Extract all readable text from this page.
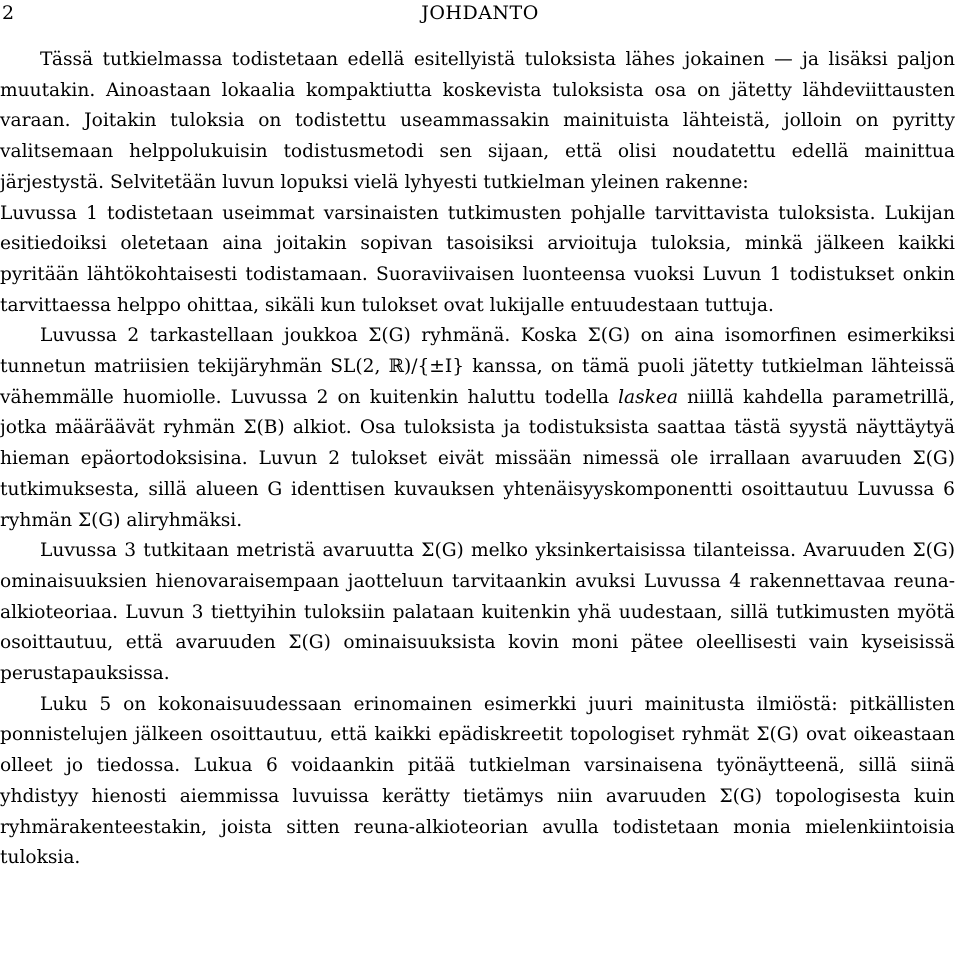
2	JOHDANTO

Tässä tutkielmassa todistetaan edellä esitellyistä tuloksista lähes jokainen — ja lisäksi paljon muutakin. Ainoastaan lokaalia kompaktiutta koskevista tuloksista osa on jätetty lähdeviittausten varaan. Joitakin tuloksia on todistettu useammassakin mainituista lähteistä, jolloin on pyritty valitsemaan helppolukuisin todistusmetodi sen sijaan, että olisi noudatettu edellä mainittua järjestystä. Selvitetään luvun lopuksi vielä lyhyesti tutkielman yleinen rakenne:

Luvussa 1 todistetaan useimmat varsinaisten tutkimusten pohjalle tarvittavista tuloksista. Lukijan esitiedoiksi oletetaan aina joitakin sopivan tasoisiksi arvioituja tuloksia, minkä jälkeen kaikki pyritään lähtökohtaisesti todistamaan. Suoraviivaisen luonteensa vuoksi Luvun 1 todistukset onkin tarvittaessa helppo ohittaa, sikäli kun tulokset ovat lukijalle entuudestaan tuttuja.

Luvussa 2 tarkastellaan joukkoa Σ(G) ryhmänä. Koska Σ(G) on aina isomorfinen esimerkiksi tunnetun matriisien tekijäryhmän SL(2, ℝ)/{±I} kanssa, on tämä puoli jätetty tutkielman lähteissä vähemmälle huomiolle. Luvussa 2 on kuitenkin haluttu todella laskea niillä kahdella parametrillä, jotka määräävät ryhmän Σ(B) alkiot. Osa tuloksista ja todistuksista saattaa tästä syystä näyttäytyä hieman epäortodoksisina. Luvun 2 tulokset eivät missään nimessä ole irrallaan avaruuden Σ(G) tutkimuksesta, sillä alueen G identtisen kuvauksen yhtenäisyyskomponentti osoittautuu Luvussa 6 ryhmän Σ(G) aliryhmäksi.

Luvussa 3 tutkitaan metristä avaruutta Σ(G) melko yksinkertaisissa tilanteissa. Avaruuden Σ(G) ominaisuuksien hienovaraisempaan jaotteluun tarvitaankin avuksi Luvussa 4 rakennettavaa reuna-alkioteoriaa. Luvun 3 tiettyihin tuloksiin palataan kuitenkin yhä uudestaan, sillä tutkimusten myötä osoittautuu, että avaruuden Σ(G) ominaisuuksista kovin moni pätee oleellisesti vain kyseisissä perustapauksissa.

Luku 5 on kokonaisuudessaan erinomainen esimerkki juuri mainitusta ilmiöstä: pitkällisten ponnistelujen jälkeen osoittautuu, että kaikki epädiskreetit topologiset ryhmät Σ(G) ovat oikeastaan olleet jo tiedossa. Lukua 6 voidaankin pitää tutkielman varsinaisena työnäytteenä, sillä siinä yhdistyy hienosti aiemmissa luvuissa kerätty tietämys niin avaruuden Σ(G) topologisesta kuin ryhmärakenteestakin, joista sitten reuna-alkioteorian avulla todistetaan monia mielenkiintoisia tuloksia.
